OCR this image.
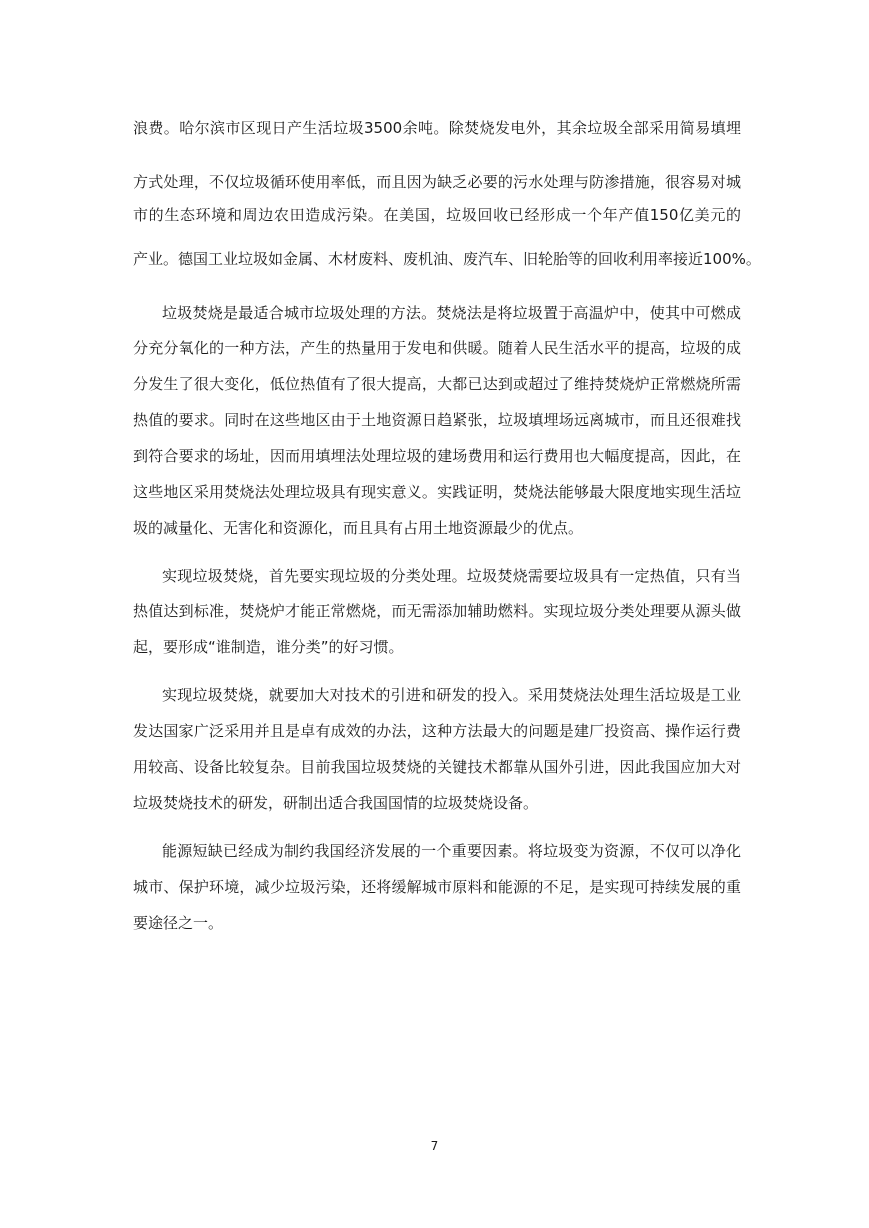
浪费。哈尔滨市区现日产生活垃圾3500余吨。除焚烧发电外，其余垃圾全部采用简易填埋
方式处理，不仅垃圾循环使用率低，而且因为缺乏必要的污水处理与防渗措施，很容易对城
市的生态环境和周边农田造成污染。在美国，垃圾回收已经形成一个年产值150亿美元的
产业。德国工业垃圾如金属、木材废料、废机油、废汽车、旧轮胎等的回收利用率接近100%。
垃圾焚烧是最适合城市垃圾处理的方法。焚烧法是将垃圾置于高温炉中，使其中可燃成
分充分氧化的一种方法，产生的热量用于发电和供暖。随着人民生活水平的提高，垃圾的成
分发生了很大变化，低位热值有了很大提高，大都已达到或超过了维持焚烧炉正常燃烧所需
热值的要求。同时在这些地区由于土地资源日趋紧张，垃圾填埋场远离城市，而且还很难找
到符合要求的场址，因而用填埋法处理垃圾的建场费用和运行费用也大幅度提高，因此，在
这些地区采用焚烧法处理垃圾具有现实意义。实践证明，焚烧法能够最大限度地实现生活垃
圾的减量化、无害化和资源化，而且具有占用土地资源最少的优点。
实现垃圾焚烧，首先要实现垃圾的分类处理。垃圾焚烧需要垃圾具有一定热值，只有当
热值达到标准，焚烧炉才能正常燃烧，而无需添加辅助燃料。实现垃圾分类处理要从源头做
起，要形成“谁制造，谁分类”的好习惯。
实现垃圾焚烧，就要加大对技术的引进和研发的投入。采用焚烧法处理生活垃圾是工业
发达国家广泛采用并且是卓有成效的办法，这种方法最大的问题是建厂投资高、操作运行费
用较高、设备比较复杂。目前我国垃圾焚烧的关键技术都靠从国外引进，因此我国应加大对
垃圾焚烧技术的研发，研制出适合我国国情的垃圾焚烧设备。
能源短缺已经成为制约我国经济发展的一个重要因素。将垃圾变为资源，不仅可以净化
城市、保护环境，减少垃圾污染，还将缓解城市原料和能源的不足，是实现可持续发展的重
要途径之一。
7
